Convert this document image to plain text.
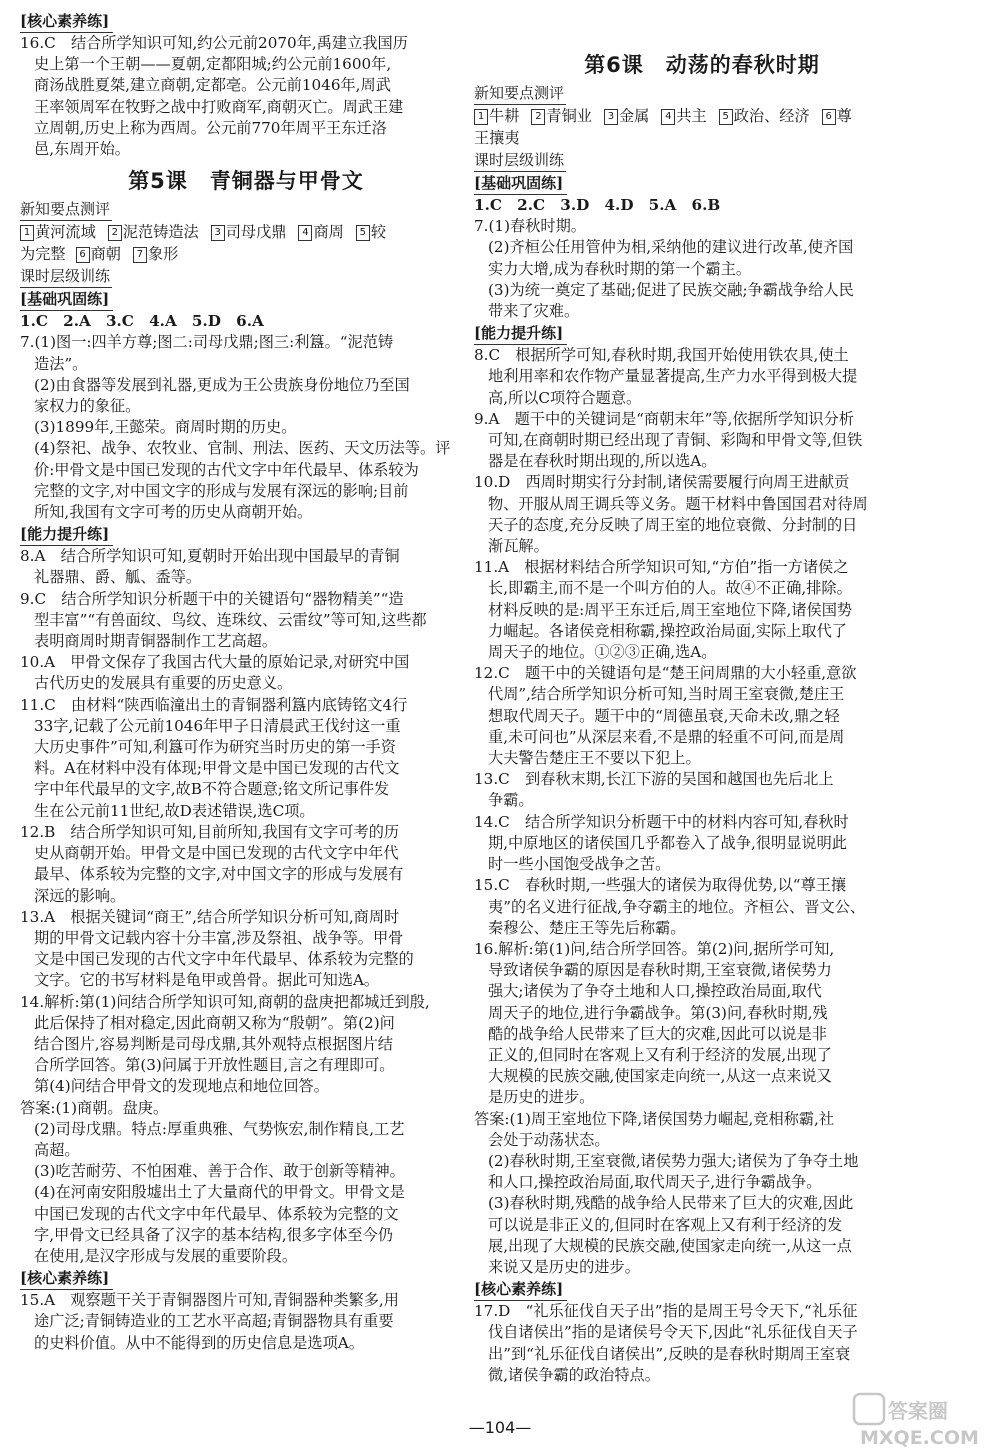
[核心素养练]
16.C　结合所学知识可知,约公元前2070年,禹建立我国历
史上第一个王朝——夏朝,定都阳城;约公元前1600年,
商汤战胜夏桀,建立商朝,定都亳。公元前1046年,周武
王率领周军在牧野之战中打败商军,商朝灭亡。周武王建
立周朝,历史上称为西周。公元前770年周平王东迁洛
邑,东周开始。
第5课　青铜器与甲骨文
新知要点测评
1 黄河流域 2 泥范铸造法 3 司母戊鼎 4 商周 5 较
为完整 6 商朝 7 象形
课时层级训练
[基础巩固练]
1.C　2.A　3.C　4.A　5.D　6.A
7.(1)图一:四羊方尊;图二:司母戊鼎;图三:利簋。“泥范铸
造法”。
(2)由食器等发展到礼器,更成为王公贵族身份地位乃至国
家权力的象征。
(3)1899年,王懿荣。商周时期的历史。
(4)祭祀、战争、农牧业、官制、刑法、医药、天文历法等。评
价:甲骨文是中国已发现的古代文字中年代最早、体系较为
完整的文字,对中国文字的形成与发展有深远的影响;目前
所知,我国有文字可考的历史从商朝开始。
[能力提升练]
8.A　结合所学知识可知,夏朝时开始出现中国最早的青铜
礼器鼎、爵、觚、盉等。
9.C　结合所学知识分析题干中的关键语句“器物精美”“造
型丰富”“有兽面纹、鸟纹、连珠纹、云雷纹”等可知,这些都
表明商周时期青铜器制作工艺高超。
10.A　甲骨文保存了我国古代大量的原始记录,对研究中国
古代历史的发展具有重要的历史意义。
11.C　由材料“陕西临潼出土的青铜器利簋内底铸铭文4行
33字,记载了公元前1046年甲子日清晨武王伐纣这一重
大历史事件”可知,利簋可作为研究当时历史的第一手资
料。A在材料中没有体现;甲骨文是中国已发现的古代文
字中年代最早的文字,故B不符合题意;铭文所记事件发
生在公元前11世纪,故D表述错误,选C项。
12.B　结合所学知识可知,目前所知,我国有文字可考的历
史从商朝开始。甲骨文是中国已发现的古代文字中年代
最早、体系较为完整的文字,对中国文字的形成与发展有
深远的影响。
13.A　根据关键词“商王”,结合所学知识分析可知,商周时
期的甲骨文记载内容十分丰富,涉及祭祖、战争等。甲骨
文是中国已发现的古代文字中年代最早、体系较为完整的
文字。它的书写材料是龟甲或兽骨。据此可知选A。
14.解析:第(1)问结合所学知识可知,商朝的盘庚把都城迁到殷,
此后保持了相对稳定,因此商朝又称为“殷朝”。第(2)问
结合图片,容易判断是司母戊鼎,其外观特点根据图片结
合所学回答。第(3)问属于开放性题目,言之有理即可。
第(4)问结合甲骨文的发现地点和地位回答。
答案:(1)商朝。盘庚。
(2)司母戊鼎。特点:厚重典雅、气势恢宏,制作精良,工艺
高超。
(3)吃苦耐劳、不怕困难、善于合作、敢于创新等精神。
(4)在河南安阳殷墟出土了大量商代的甲骨文。甲骨文是
中国已发现的古代文字中年代最早、体系较为完整的文
字,甲骨文已经具备了汉字的基本结构,很多字体至今仍
在使用,是汉字形成与发展的重要阶段。
[核心素养练]
15.A　观察题干关于青铜器图片可知,青铜器种类繁多,用
途广泛;青铜铸造业的工艺水平高超;青铜器物具有重要
的史料价值。从中不能得到的历史信息是选项A。
第6课　动荡的春秋时期
新知要点测评
1 牛耕 2 青铜业 3 金属 4 共主 5 政治、经济 6 尊
王攘夷
课时层级训练
[基础巩固练]
1.C　2.C　3.D　4.D　5.A　6.B
7.(1)春秋时期。
(2)齐桓公任用管仲为相,采纳他的建议进行改革,使齐国
实力大增,成为春秋时期的第一个霸主。
(3)为统一奠定了基础;促进了民族交融;争霸战争给人民
带来了灾难。
[能力提升练]
8.C　根据所学可知,春秋时期,我国开始使用铁农具,使土
地利用率和农作物产量显著提高,生产力水平得到极大提
高,所以C项符合题意。
9.A　题干中的关键词是“商朝末年”等,依据所学知识分析
可知,在商朝时期已经出现了青铜、彩陶和甲骨文等,但铁
器是在春秋时期出现的,所以选A。
10.D　西周时期实行分封制,诸侯需要履行向周王进献贡
物、开服从周王调兵等义务。题干材料中鲁国国君对待周
天子的态度,充分反映了周王室的地位衰微、分封制的日
渐瓦解。
11.A　根据材料结合所学知识可知,“方伯”指一方诸侯之
长,即霸主,而不是一个叫方伯的人。故④不正确,排除。
材料反映的是:周平王东迁后,周王室地位下降,诸侯国势
力崛起。各诸侯竞相称霸,操控政治局面,实际上取代了
周天子的地位。①②③正确,选A。
12.C　题干中的关键语句是“楚王问周鼎的大小轻重,意欲
代周”,结合所学知识分析可知,当时周王室衰微,楚庄王
想取代周天子。题干中的“周德虽衰,天命未改,鼎之轻
重,未可问也”从深层来看,不是鼎的轻重不可问,而是周
大夫警告楚庄王不要以下犯上。
13.C　到春秋末期,长江下游的吴国和越国也先后北上
争霸。
14.C　结合所学知识分析题干中的材料内容可知,春秋时
期,中原地区的诸侯国几乎都卷入了战争,很明显说明此
时一些小国饱受战争之苦。
15.C　春秋时期,一些强大的诸侯为取得优势,以“尊王攘
夷”的名义进行征战,争夺霸主的地位。齐桓公、晋文公、
秦穆公、楚庄王等先后称霸。
16.解析:第(1)问,结合所学回答。第(2)问,据所学可知,
导致诸侯争霸的原因是春秋时期,王室衰微,诸侯势力
强大;诸侯为了争夺土地和人口,操控政治局面,取代
周天子的地位,进行争霸战争。第(3)问,春秋时期,残
酷的战争给人民带来了巨大的灾难,因此可以说是非
正义的,但同时在客观上又有利于经济的发展,出现了
大规模的民族交融,使国家走向统一,从这一点来说又
是历史的进步。
答案:(1)周王室地位下降,诸侯国势力崛起,竞相称霸,社
会处于动荡状态。
(2)春秋时期,王室衰微,诸侯势力强大;诸侯为了争夺土地
和人口,操控政治局面,取代周天子,进行争霸战争。
(3)春秋时期,残酷的战争给人民带来了巨大的灾难,因此
可以说是非正义的,但同时在客观上又有利于经济的发
展,出现了大规模的民族交融,使国家走向统一,从这一点
来说又是历史的进步。
[核心素养练]
17.D　“礼乐征伐自天子出”指的是周王号令天下,“礼乐征
伐自诸侯出”指的是诸侯号令天下,因此“礼乐征伐自天子
出”到“礼乐征伐自诸侯出”,反映的是春秋时期周王室衰
微,诸侯争霸的政治特点。
—104—
答案圈
MXQE.COM
